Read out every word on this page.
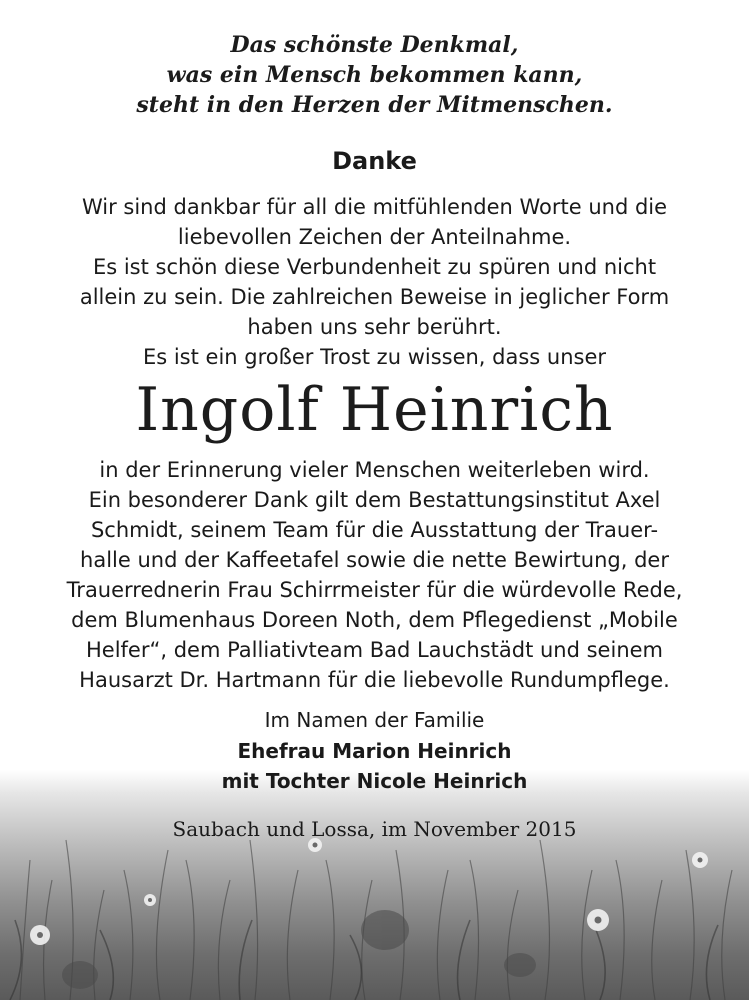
Das schönste Denkmal,
was ein Mensch bekommen kann,
steht in den Herzen der Mitmenschen.
Danke
Wir sind dankbar für all die mitfühlenden Worte und die
liebevollen Zeichen der Anteilnahme.
Es ist schön diese Verbundenheit zu spüren und nicht
allein zu sein. Die zahlreichen Beweise in jeglicher Form
haben uns sehr berührt.
Es ist ein großer Trost zu wissen, dass unser
Ingolf Heinrich
in der Erinnerung vieler Menschen weiterleben wird.
Ein besonderer Dank gilt dem Bestattungsinstitut Axel
Schmidt, seinem Team für die Ausstattung der Trauer-
halle und der Kaffeetafel sowie die nette Bewirtung, der
Trauerrednerin Frau Schirrmeister für die würdevolle Rede,
dem Blumenhaus Doreen Noth, dem Pflegedienst „Mobile
Helfer“, dem Palliativteam Bad Lauchstädt und seinem
Hausarzt Dr. Hartmann für die liebevolle Rundumpflege.
Im Namen der Familie
Ehefrau Marion Heinrich
mit Tochter Nicole Heinrich
Saubach und Lossa, im November 2015
